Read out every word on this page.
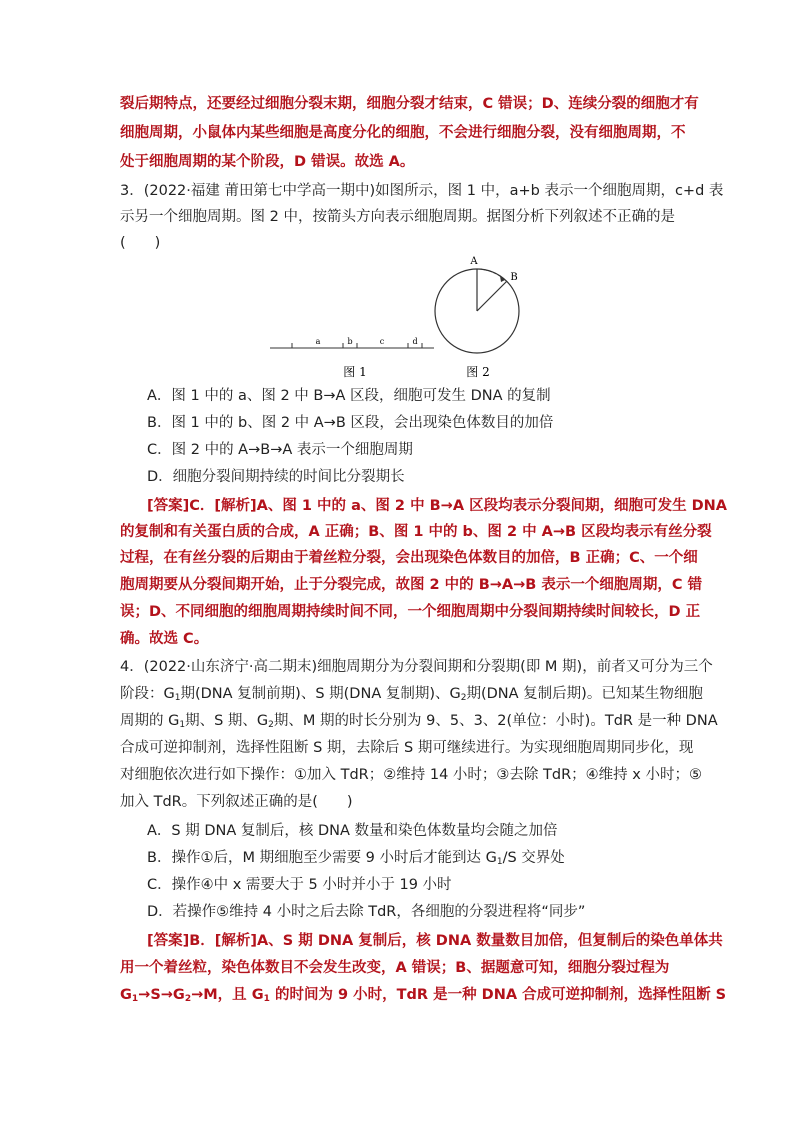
裂后期特点，还要经过细胞分裂末期，细胞分裂才结束，C 错误；D、连续分裂的细胞才有
细胞周期，小鼠体内某些细胞是高度分化的细胞，不会进行细胞分裂，没有细胞周期，不
处于细胞周期的某个阶段，D 错误。故选 A。
3．(2022·福建 莆田第七中学高一期中)如图所示，图 1 中，a+b 表示一个细胞周期，c+d 表
示另一个细胞周期。图 2 中，按箭头方向表示细胞周期。据图分析下列叙述不正确的是
(　　)
a	b	c	d
图 1
A
B
图 2
A．图 1 中的 a、图 2 中 B→A 区段，细胞可发生 DNA 的复制
B．图 1 中的 b、图 2 中 A→B 区段，会出现染色体数目的加倍
C．图 2 中的 A→B→A 表示一个细胞周期
D．细胞分裂间期持续的时间比分裂期长
[答案]C．[解析]A、图 1 中的 a、图 2 中 B→A 区段均表示分裂间期，细胞可发生 DNA
的复制和有关蛋白质的合成，A 正确；B、图 1 中的 b、图 2 中 A→B 区段均表示有丝分裂
过程，在有丝分裂的后期由于着丝粒分裂，会出现染色体数目的加倍，B 正确；C、一个细
胞周期要从分裂间期开始，止于分裂完成，故图 2 中的 B→A→B 表示一个细胞周期，C 错
误；D、不同细胞的细胞周期持续时间不同，一个细胞周期中分裂间期持续时间较长，D 正
确。故选 C。
4．(2022·山东济宁·高二期末)细胞周期分为分裂间期和分裂期(即 M 期)，前者又可分为三个
阶段：$G_1$期(DNA 复制前期)、S 期(DNA 复制期)、$G_2$期(DNA 复制后期)。已知某生物细胞
周期的 $G_1$期、S 期、$G_2$期、M 期的时长分别为 9、5、3、2(单位：小时)。TdR 是一种 DNA
合成可逆抑制剂，选择性阻断 S 期，去除后 S 期可继续进行。为实现细胞周期同步化，现
对细胞依次进行如下操作：①加入 TdR；②维持 14 小时；③去除 TdR；④维持 x 小时；⑤
加入 TdR。下列叙述正确的是(　　)
A．S 期 DNA 复制后，核 DNA 数量和染色体数量均会随之加倍
B．操作①后，M 期细胞至少需要 9 小时后才能到达 $G_1/S$ 交界处
C．操作④中 x 需要大于 5 小时并小于 19 小时
D．若操作⑤维持 4 小时之后去除 TdR，各细胞的分裂进程将“同步”
[答案]B．[解析]A、S 期 DNA 复制后，核 DNA 数量数目加倍，但复制后的染色单体共
用一个着丝粒，染色体数目不会发生改变，A 错误；B、据题意可知，细胞分裂过程为
$G_1\to S\to G_2\to M$，且 $G_1$ 的时间为 9 小时，TdR 是一种 DNA 合成可逆抑制剂，选择性阻断 S
